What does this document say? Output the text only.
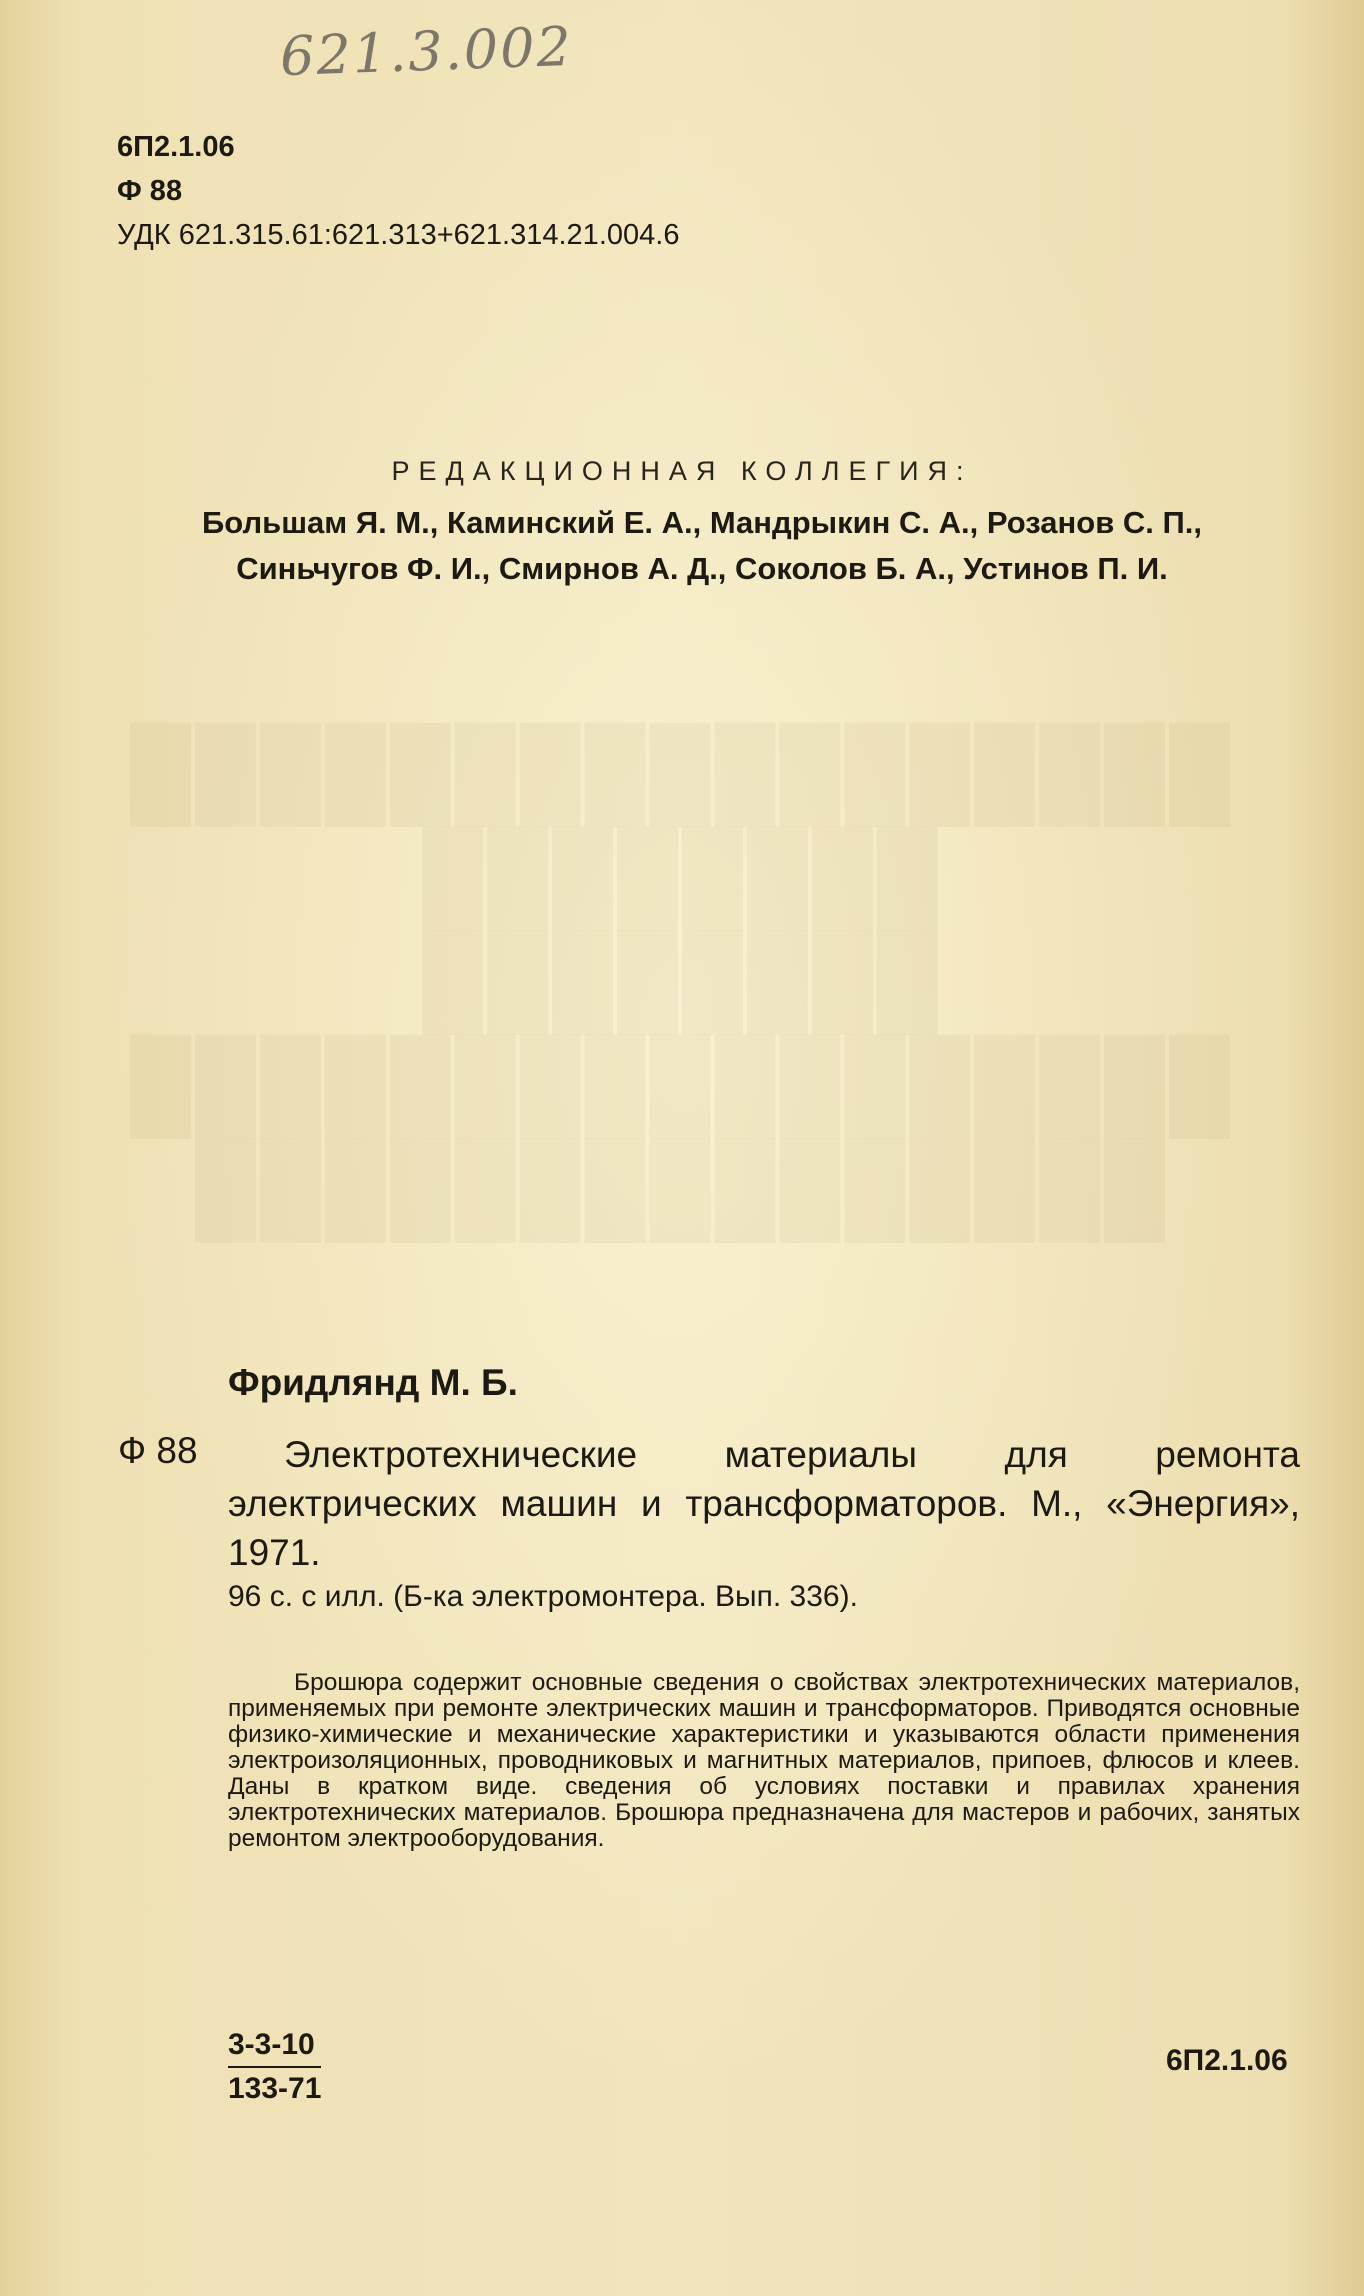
621.3.002
6П2.1.06
Ф 88
УДК 621.315.61:621.313+621.314.21.004.6
РЕДАКЦИОННАЯ КОЛЛЕГИЯ:
Большам Я. М., Каминский Е. А., Мандрыкин С. А., Розанов С. П.,
Синьчугов Ф. И., Смирнов А. Д., Соколов Б. А., Устинов П. И.
█████████████████
████████
████████
█████████████████
███████████████
Фридлянд М. Б.
Ф 88	Электротехнические материалы для ремонта электрических машин и трансформаторов. М., «Энергия», 1971.
96 с. с илл. (Б-ка электромонтера. Вып. 336).
Брошюра содержит основные сведения о свойствах электротехнических материалов, применяемых при ремонте электрических машин и трансформаторов. Приводятся основные физико-химические и механические характеристики и указываются области применения электроизоляционных, проводниковых и магнитных материалов, припоев, флюсов и клеев. Даны в кратком виде. сведения об условиях поставки и правилах хранения электротехнических материалов. Брошюра предназначена для мастеров и рабочих, занятых ремонтом электрооборудования.
$\frac{3-3-10}{133-71}$	6П2.1.06
